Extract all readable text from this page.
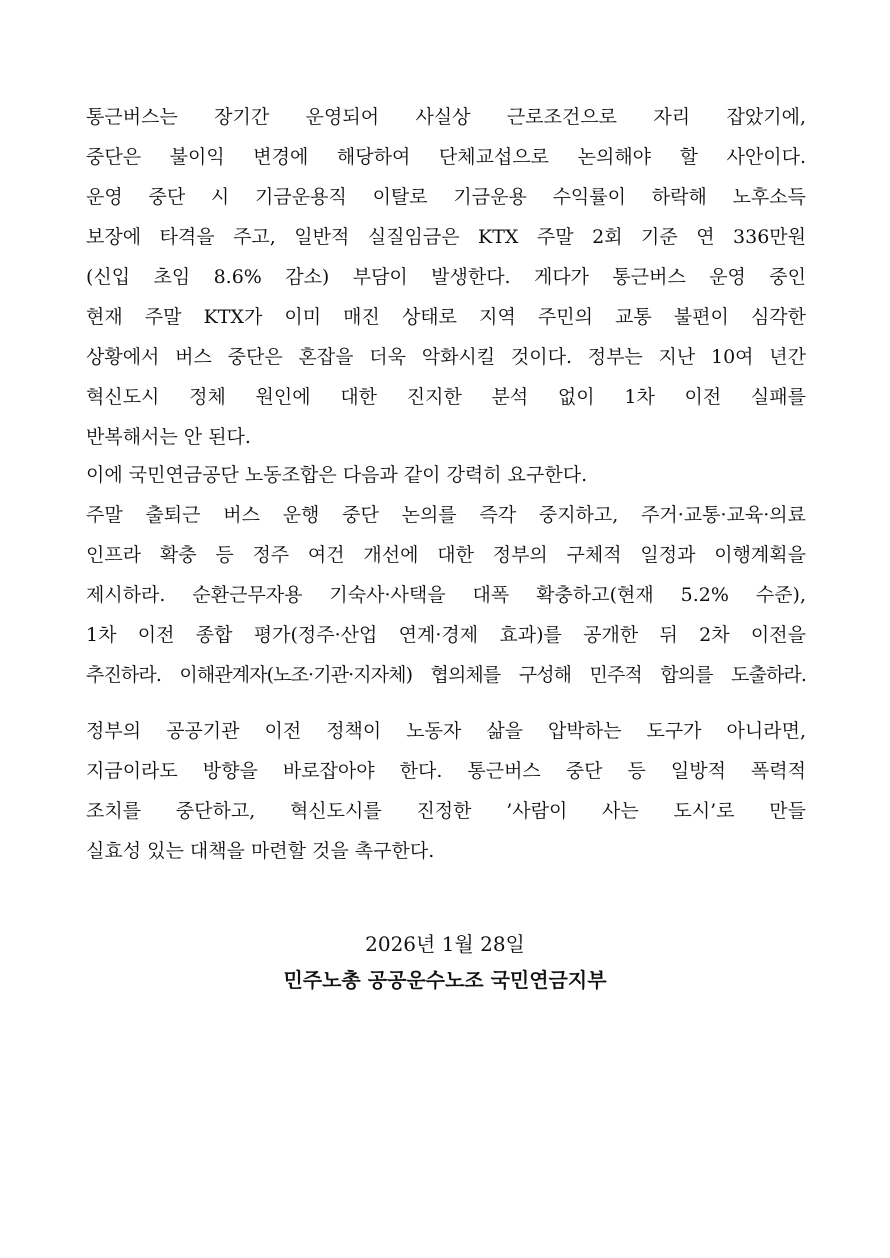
통근버스는 장기간 운영되어 사실상 근로조건으로 자리 잡았기에,
중단은 불이익 변경에 해당하여 단체교섭으로 논의해야 할 사안이다.
운영 중단 시 기금운용직 이탈로 기금운용 수익률이 하락해 노후소득
보장에 타격을 주고, 일반적 실질임금은 KTX 주말 2회 기준 연 336만원
(신입 초임 8.6% 감소) 부담이 발생한다. 게다가 통근버스 운영 중인
현재 주말 KTX가 이미 매진 상태로 지역 주민의 교통 불편이 심각한
상황에서 버스 중단은 혼잡을 더욱 악화시킬 것이다. 정부는 지난 10여 년간
혁신도시 정체 원인에 대한 진지한 분석 없이 1차 이전 실패를
반복해서는 안 된다.
이에 국민연금공단 노동조합은 다음과 같이 강력히 요구한다.
주말 출퇴근 버스 운행 중단 논의를 즉각 중지하고, 주거·교통·교육·의료
인프라 확충 등 정주 여건 개선에 대한 정부의 구체적 일정과 이행계획을
제시하라. 순환근무자용 기숙사·사택을 대폭 확충하고(현재 5.2% 수준),
1차 이전 종합 평가(정주·산업 연계·경제 효과)를 공개한 뒤 2차 이전을
추진하라. 이해관계자(노조·기관·지자체) 협의체를 구성해 민주적 합의를 도출하라.
정부의 공공기관 이전 정책이 노동자 삶을 압박하는 도구가 아니라면,
지금이라도 방향을 바로잡아야 한다. 통근버스 중단 등 일방적 폭력적
조치를 중단하고, 혁신도시를 진정한 ’사람이 사는 도시’로 만들
실효성 있는 대책을 마련할 것을 촉구한다.
2026년 1월 28일
민주노총 공공운수노조 국민연금지부
